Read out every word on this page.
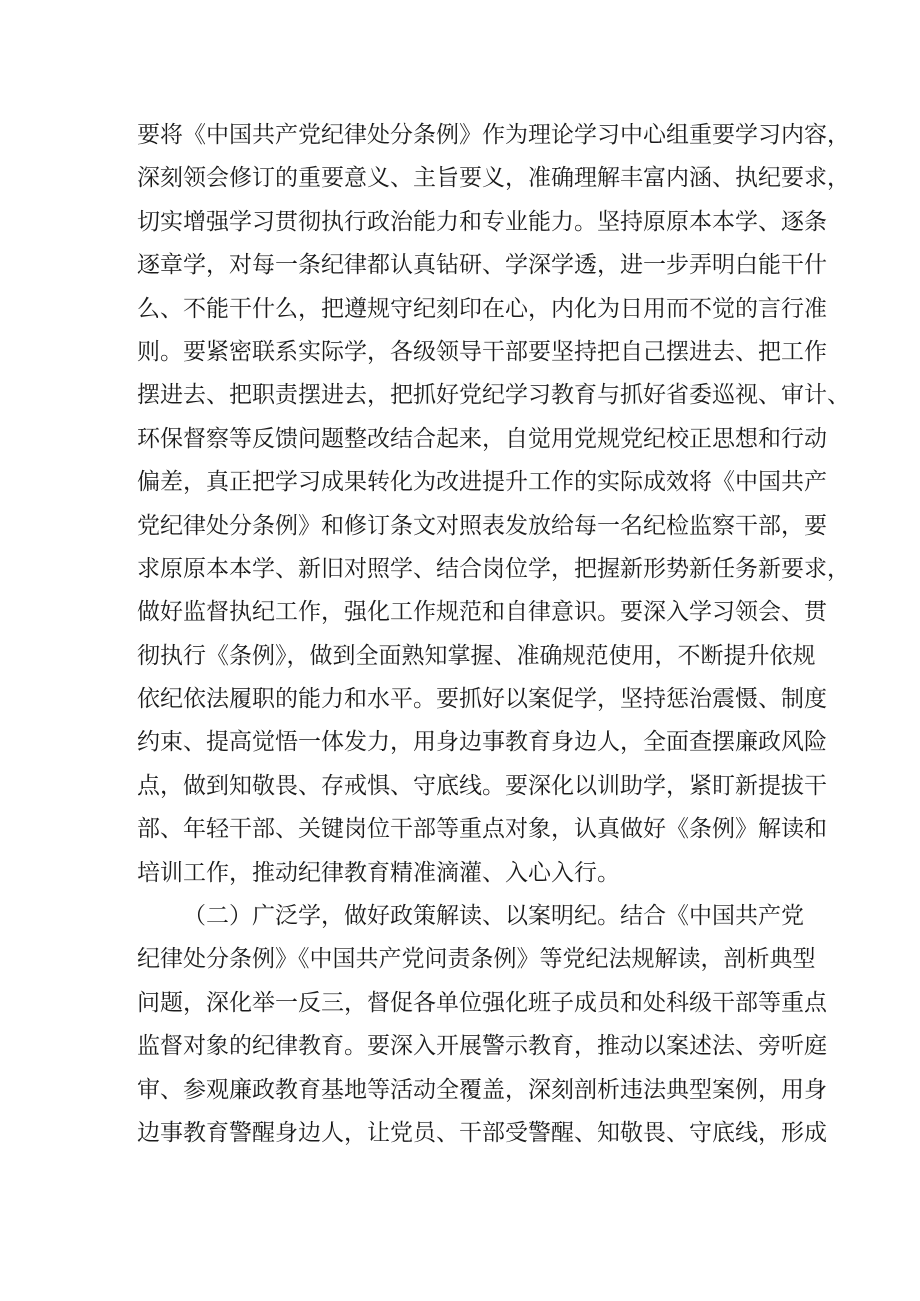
要将《中国共产党纪律处分条例》作为理论学习中心组重要学习内容，
深刻领会修订的重要意义、主旨要义，准确理解丰富内涵、执纪要求，
切实增强学习贯彻执行政治能力和专业能力。坚持原原本本学、逐条
逐章学，对每一条纪律都认真钻研、学深学透，进一步弄明白能干什
么、不能干什么，把遵规守纪刻印在心，内化为日用而不觉的言行准
则。要紧密联系实际学，各级领导干部要坚持把自己摆进去、把工作
摆进去、把职责摆进去，把抓好党纪学习教育与抓好省委巡视、审计、
环保督察等反馈问题整改结合起来，自觉用党规党纪校正思想和行动
偏差，真正把学习成果转化为改进提升工作的实际成效将《中国共产
党纪律处分条例》和修订条文对照表发放给每一名纪检监察干部，要
求原原本本学、新旧对照学、结合岗位学，把握新形势新任务新要求，
做好监督执纪工作，强化工作规范和自律意识。要深入学习领会、贯
彻执行《条例》，做到全面熟知掌握、准确规范使用，不断提升依规
依纪依法履职的能力和水平。要抓好以案促学，坚持惩治震慑、制度
约束、提高觉悟一体发力，用身边事教育身边人，全面查摆廉政风险
点，做到知敬畏、存戒惧、守底线。要深化以训助学，紧盯新提拔干
部、年轻干部、关键岗位干部等重点对象，认真做好《条例》解读和
培训工作，推动纪律教育精准滴灌、入心入行。
（二）广泛学，做好政策解读、以案明纪。结合《中国共产党
纪律处分条例》《中国共产党问责条例》等党纪法规解读，剖析典型
问题，深化举一反三，督促各单位强化班子成员和处科级干部等重点
监督对象的纪律教育。要深入开展警示教育，推动以案述法、旁听庭
审、参观廉政教育基地等活动全覆盖，深刻剖析违法典型案例，用身
边事教育警醒身边人，让党员、干部受警醒、知敬畏、守底线，形成
